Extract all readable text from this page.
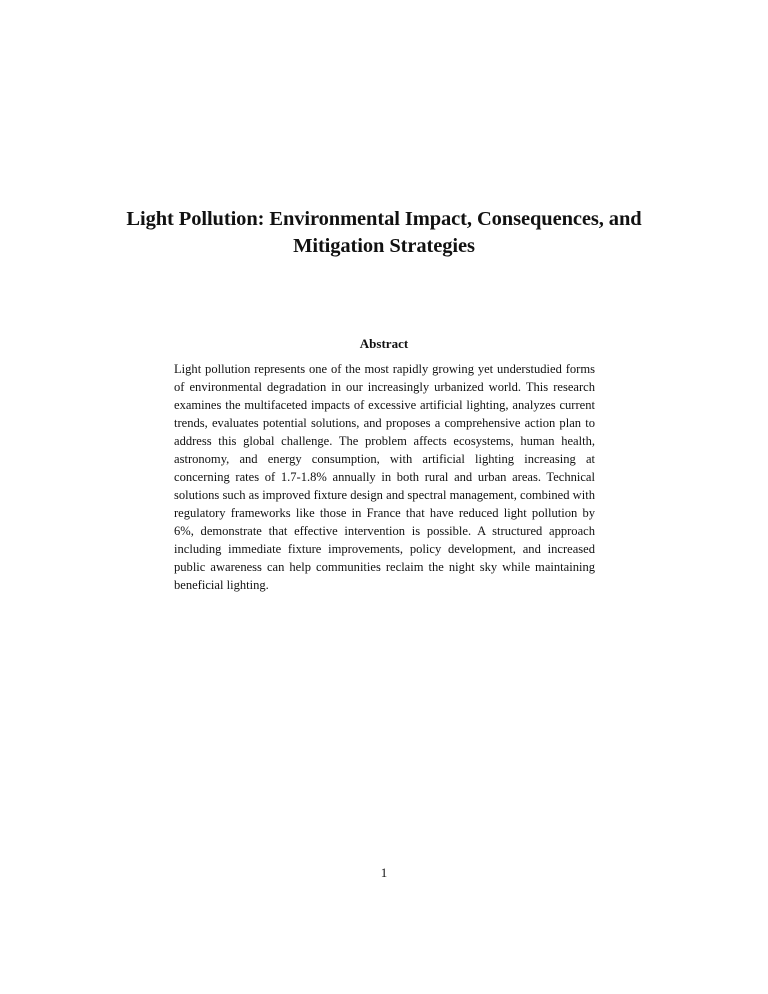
Light Pollution: Environmental Impact, Consequences, and Mitigation Strategies
Abstract

Light pollution represents one of the most rapidly growing yet understudied forms of environmental degradation in our increasingly urbanized world. This research examines the multifaceted impacts of excessive artificial lighting, analyzes current trends, evaluates potential solutions, and proposes a comprehensive action plan to address this global challenge. The problem affects ecosystems, human health, astronomy, and energy consumption, with artificial lighting increasing at concerning rates of 1.7-1.8% annually in both rural and urban areas. Technical solutions such as improved fixture design and spectral management, combined with regulatory frameworks like those in France that have reduced light pollution by 6%, demonstrate that effective intervention is possible. A structured approach including immediate fixture improvements, policy development, and increased public awareness can help communities reclaim the night sky while maintaining beneficial lighting.

1
